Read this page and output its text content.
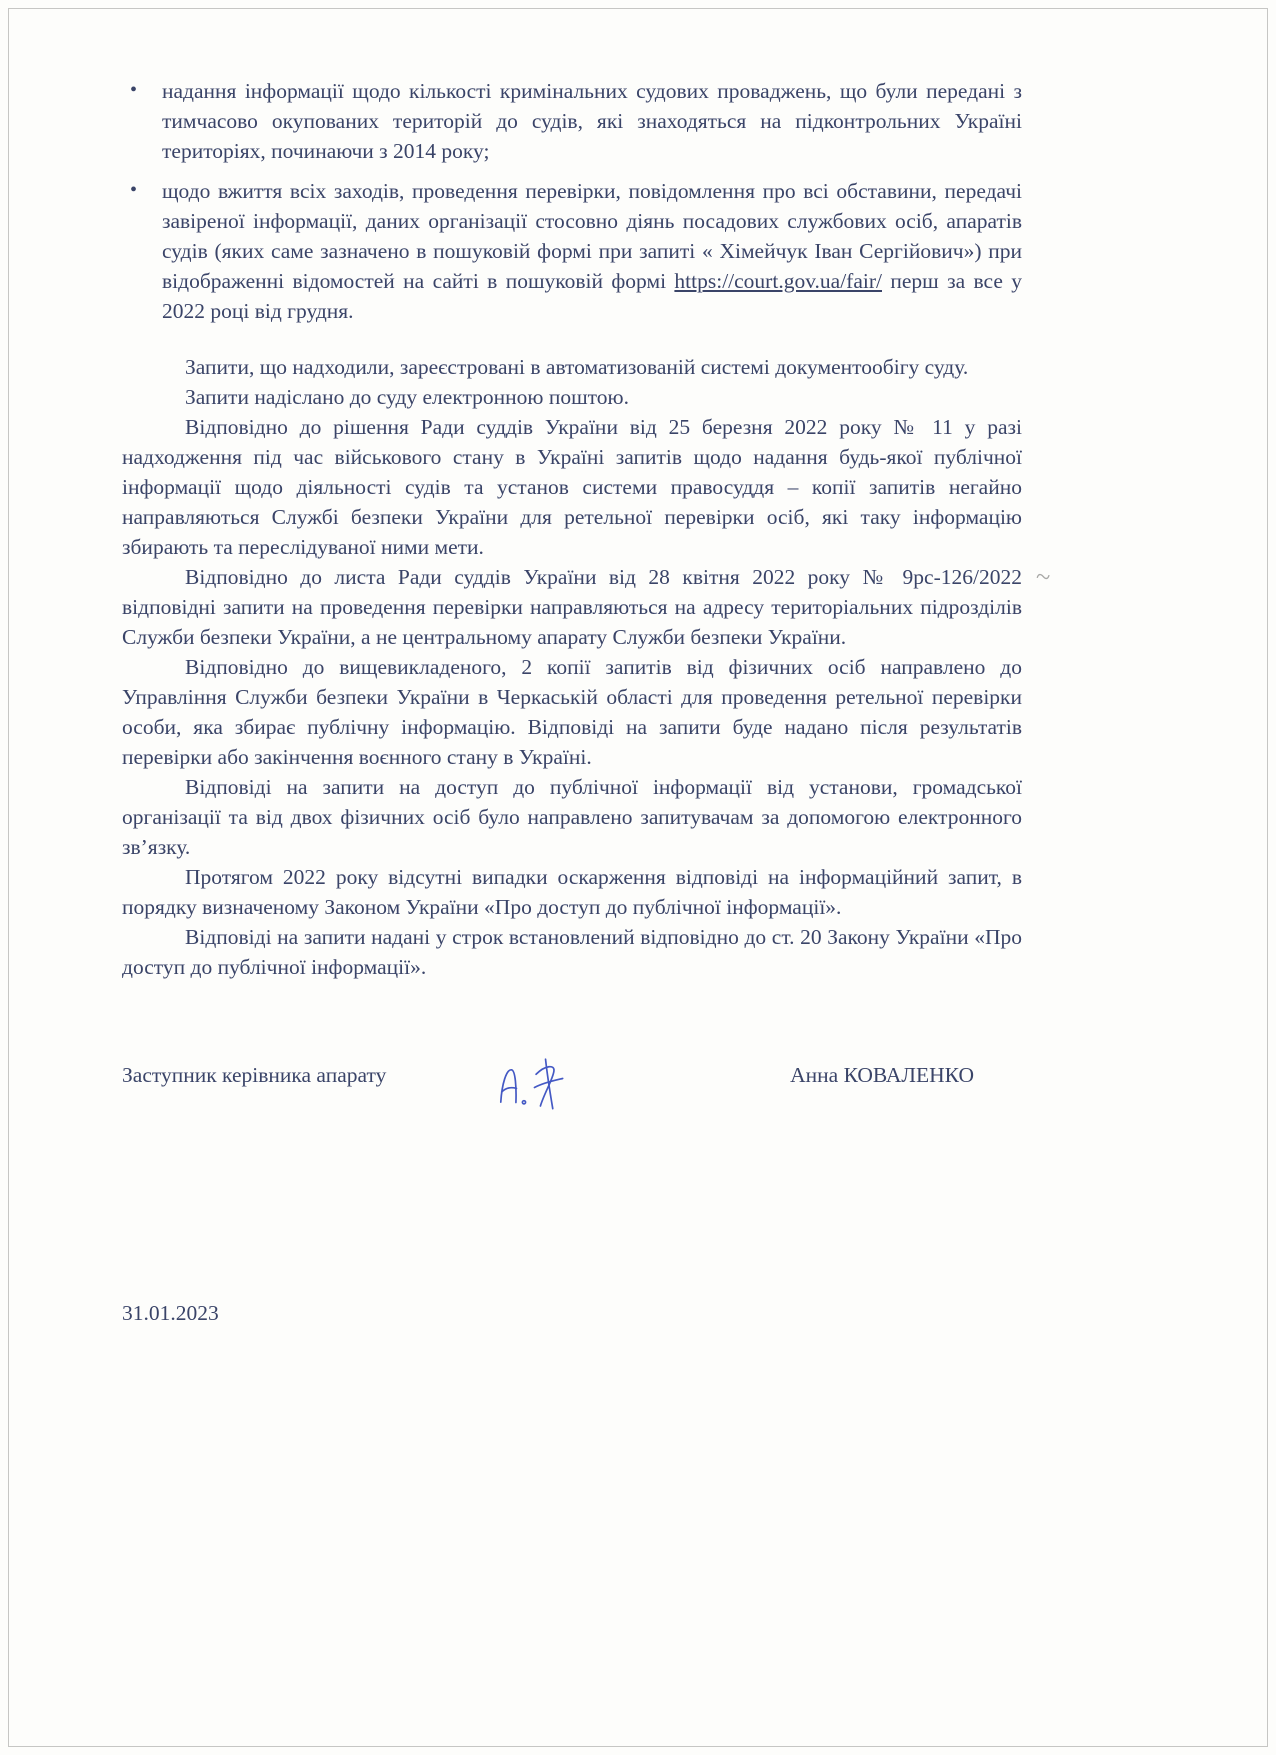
~
• надання інформації щодо кількості кримінальних судових проваджень, що були передані з тимчасово окупованих територій до судів, які знаходяться на підконтрольних Україні територіях, починаючи з 2014 року;
• щодо вжиття всіх заходів, проведення перевірки, повідомлення про всі обставини, передачі завіреної інформації, даних організації стосовно діянь посадових службових осіб, апаратів судів (яких саме зазначено в пошуковій формі при запиті « Хімейчук Іван Сергійович») при відображенні відомостей на сайті в пошуковій формі https://court.gov.ua/fair/ перш за все у 2022 році від грудня.

Запити, що надходили, зареєстровані в автоматизованій системі документообігу суду.

Запити надіслано до суду електронною поштою.

Відповідно до рішення Ради суддів України від 25 березня 2022 року № 11 у разі надходження під час військового стану в Україні запитів щодо надання будь-якої публічної інформації щодо діяльності судів та установ системи правосуддя – копії запитів негайно направляються Службі безпеки України для ретельної перевірки осіб, які таку інформацію збирають та переслідуваної ними мети.

Відповідно до листа Ради суддів України від 28 квітня 2022 року № 9рс-126/2022 відповідні запити на проведення перевірки направляються на адресу територіальних підрозділів Служби безпеки України, а не центральному апарату Служби безпеки України.

Відповідно до вищевикладеного, 2 копії запитів від фізичних осіб направлено до Управління Служби безпеки України в Черкаській області для проведення ретельної перевірки особи, яка збирає публічну інформацію. Відповіді на запити буде надано після результатів перевірки або закінчення воєнного стану в Україні.

Відповіді на запити на доступ до публічної інформації від установи, громадської організації та від двох фізичних осіб було направлено запитувачам за допомогою електронного зв’язку.

Протягом 2022 року відсутні випадки оскарження відповіді на інформаційний запит, в порядку визначеному Законом України «Про доступ до публічної інформації».

Відповіді на запити надані у строк встановлений відповідно до ст. 20 Закону України «Про доступ до публічної інформації».

Заступник керівника апарату	Анна КОВАЛЕНКО
31.01.2023
